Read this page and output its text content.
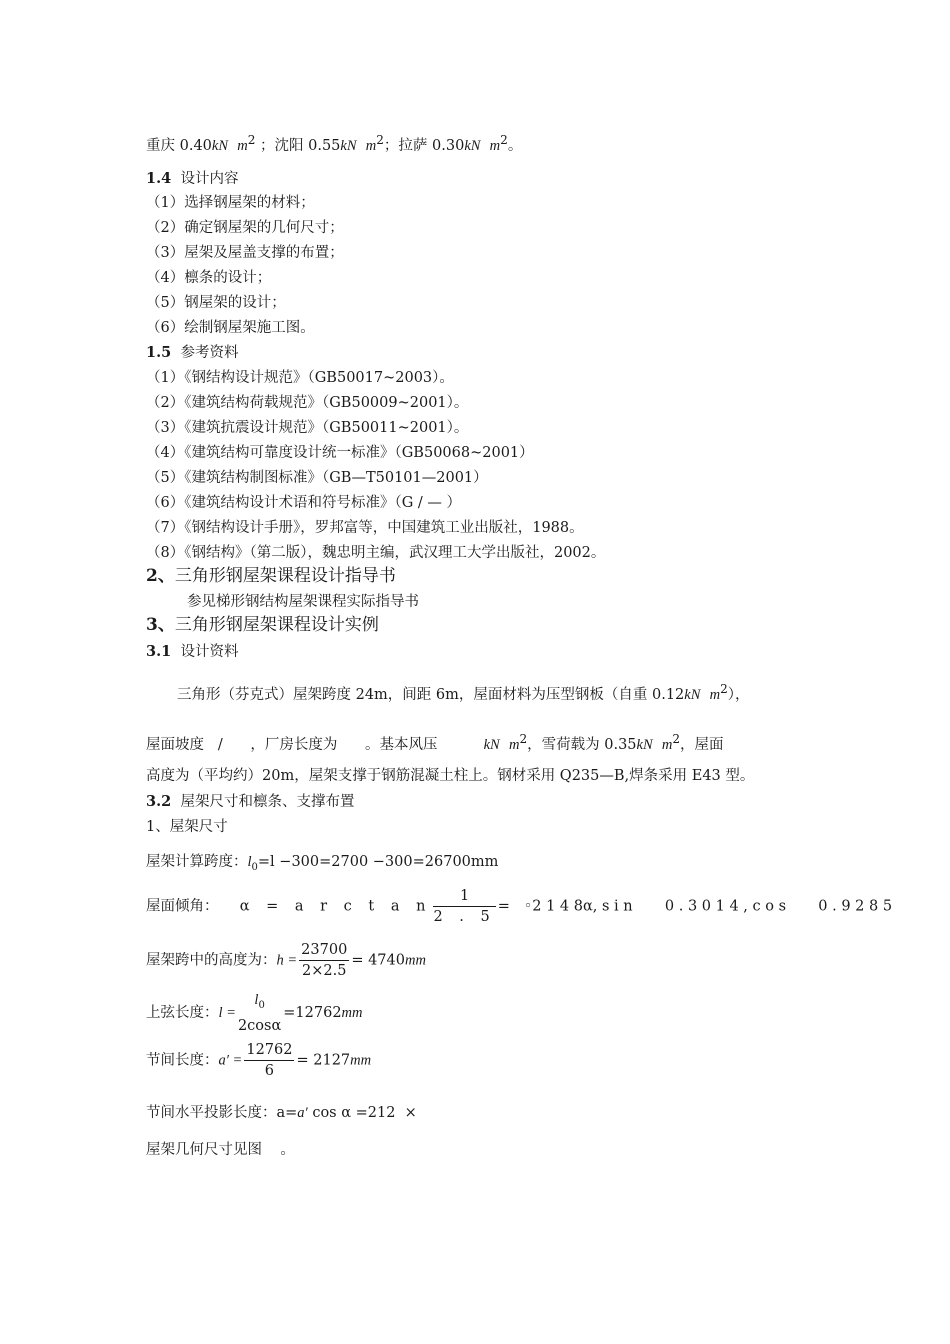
重庆 0.40kN $m^2$ ；沈阳 0.55kN $m^2$；拉萨 0.30kN $m^2$。
1.4 设计内容
（1）选择钢屋架的材料；
（2）确定钢屋架的几何尺寸；
（3）屋架及屋盖支撑的布置；
（4）檩条的设计；
（5）钢屋架的设计；
（6）绘制钢屋架施工图。
1.5 参考资料
（1）《钢结构设计规范》（GB50017~2003）。
（2）《建筑结构荷载规范》（GB50009~2001）。
（3）《建筑抗震设计规范》（GB50011~2001）。
（4）《建筑结构可靠度设计统一标准》（GB50068~2001）
（5）《建筑结构制图标准》（GB—T50101—2001）
（6）《建筑结构设计术语和符号标准》（G / — ）
（7）《钢结构设计手册》，罗邦富等，中国建筑工业出版社，1988。
（8）《钢结构》（第二版），魏忠明主编，武汉理工大学出版社，2002。
2、三角形钢屋架课程设计指导书
参见梯形钢结构屋架课程实际指导书
3、三角形钢屋架课程设计实例
3.1 设计资料
三角形（芬克式）屋架跨度 24m，间距 6m，屋面材料为压型钢板（自重 0.12kN $m^2$），
屋面坡度   /      ，厂房长度为      。基本风压	kN $m^2$，雪荷载为 0.35kN $m^2$，屋面
高度为（平均约）20m，屋架支撑于钢筋混凝土柱上。钢材采用 Q235—B,焊条采用 E43 型。
3.2 屋架尺寸和檩条、支撑布置
1、屋架尺寸
屋架计算跨度：$l_0=l -300=2700 -300=26700mm$
屋面倾角： α = a r c t a n $\frac{1}{2 . 5}$ =   ◦2 1 4 8α, s i n       0 . 3 0 1 4 , c o s       0 . 9 2 8 5
屋架跨中的高度为：$h = \frac{23700}{2\times 2.5} = 4740mm$
上弦长度：l =
$l_0$
2cosα
=12762mm
节间长度：$a' = \frac{12762}{6} = 2127mm$
节间水平投影长度：a=a′ cos α =212  ×
屋架几何尺寸见图    。
